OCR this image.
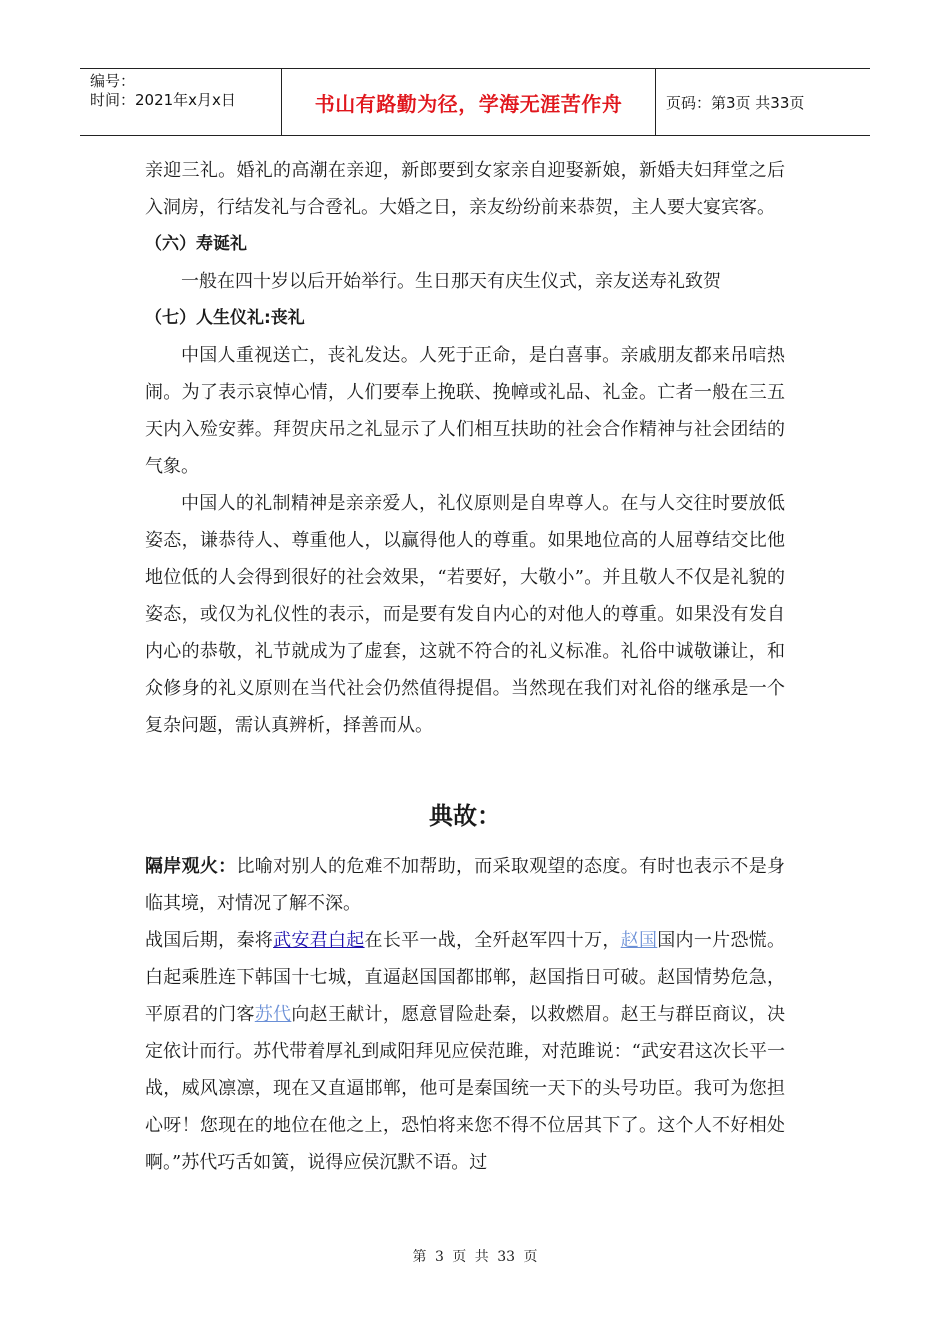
编号：
时间：2021年x月x日	书山有路勤为径，学海无涯苦作舟	页码：第3页 共33页

亲迎三礼。婚礼的高潮在亲迎，新郎要到女家亲自迎娶新娘，新婚夫妇拜堂之后入洞房，行结发礼与合卺礼。大婚之日，亲友纷纷前来恭贺，主人要大宴宾客。

（六）寿诞礼

一般在四十岁以后开始举行。生日那天有庆生仪式，亲友送寿礼致贺

（七）人生仪礼:丧礼

中国人重视送亡，丧礼发达。人死于正命，是白喜事。亲戚朋友都来吊唁热闹。为了表示哀悼心情，人们要奉上挽联、挽幛或礼品、礼金。亡者一般在三五天内入殓安葬。拜贺庆吊之礼显示了人们相互扶助的社会合作精神与社会团结的气象。

中国人的礼制精神是亲亲爱人，礼仪原则是自卑尊人。在与人交往时要放低姿态，谦恭待人、尊重他人，以赢得他人的尊重。如果地位高的人屈尊结交比他地位低的人会得到很好的社会效果，“若要好，大敬小”。并且敬人不仅是礼貌的姿态，或仅为礼仪性的表示，而是要有发自内心的对他人的尊重。如果没有发自内心的恭敬，礼节就成为了虚套，这就不符合的礼义标准。礼俗中诚敬谦让，和众修身的礼义原则在当代社会仍然值得提倡。当然现在我们对礼俗的继承是一个复杂问题，需认真辨析，择善而从。

典故：

隔岸观火：比喻对别人的危难不加帮助，而采取观望的态度。有时也表示不是身临其境，对情况了解不深。

战国后期，秦将武安君白起在长平一战，全歼赵军四十万，赵国国内一片恐慌。白起乘胜连下韩国十七城，直逼赵国国都邯郸，赵国指日可破。赵国情势危急，平原君的门客苏代向赵王献计，愿意冒险赴秦，以救燃眉。赵王与群臣商议，决定依计而行。苏代带着厚礼到咸阳拜见应侯范雎，对范雎说：“武安君这次长平一战，威风凛凛，现在又直逼邯郸，他可是秦国统一天下的头号功臣。我可为您担心呀！您现在的地位在他之上，恐怕将来您不得不位居其下了。这个人不好相处啊。”苏代巧舌如簧，说得应侯沉默不语。过

第 3 页 共 33 页
